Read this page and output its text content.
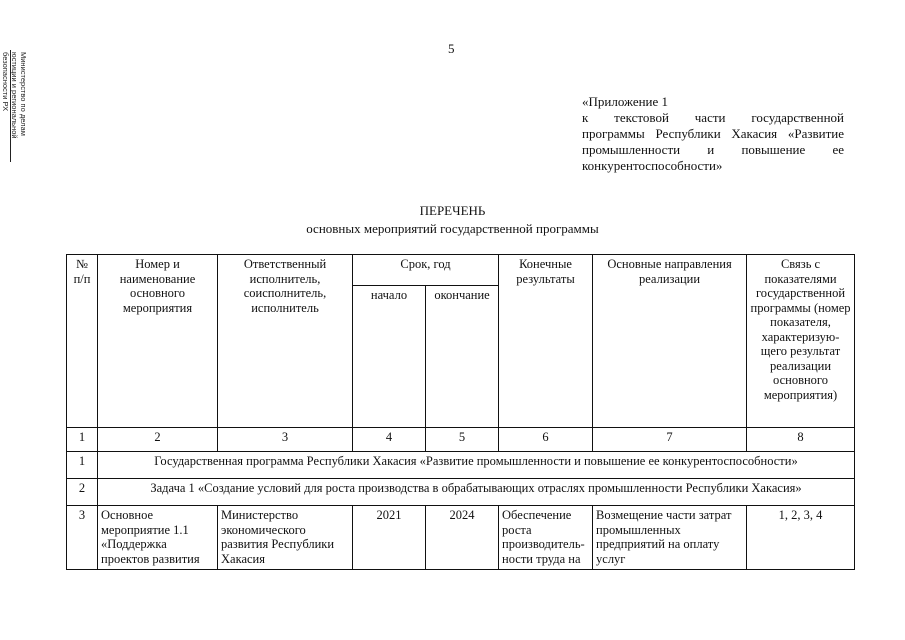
5
Министерство по делам
юстиции и региональной
безопасности РХ	«Приложение 1
к текстовой части государственной
программы Республики Хакасия «Развитие
промышленности и повышение ее
конкурентоспособности»
ПЕРЕЧЕНЬ
основных мероприятий государственной программы
№ п/п	Номер и наименование основного мероприятия	Ответственный исполнитель, соисполнитель, исполнитель	Срок, год		Конечные результаты	Основные направления реализации	Связь с показателями государственной программы (номер показателя, характеризую-щего результат реализации основного мероприятия)
			начало	окончание			
1	2	3	4	5	6	7	8
1	Государственная программа Республики Хакасия «Развитие промышленности и повышение ее конкурентоспособности»						
2	Задача 1 «Создание условий для роста производства в обрабатывающих отраслях промышленности Республики Хакасия»						
3	Основное мероприятие 1.1 «Поддержка проектов развития	Министерство экономического развития Республики Хакасия	2021	2024	Обеспечение роста производитель-ности труда на	Возмещение части затрат промышленных предприятий на оплату услуг	1, 2, 3, 4
